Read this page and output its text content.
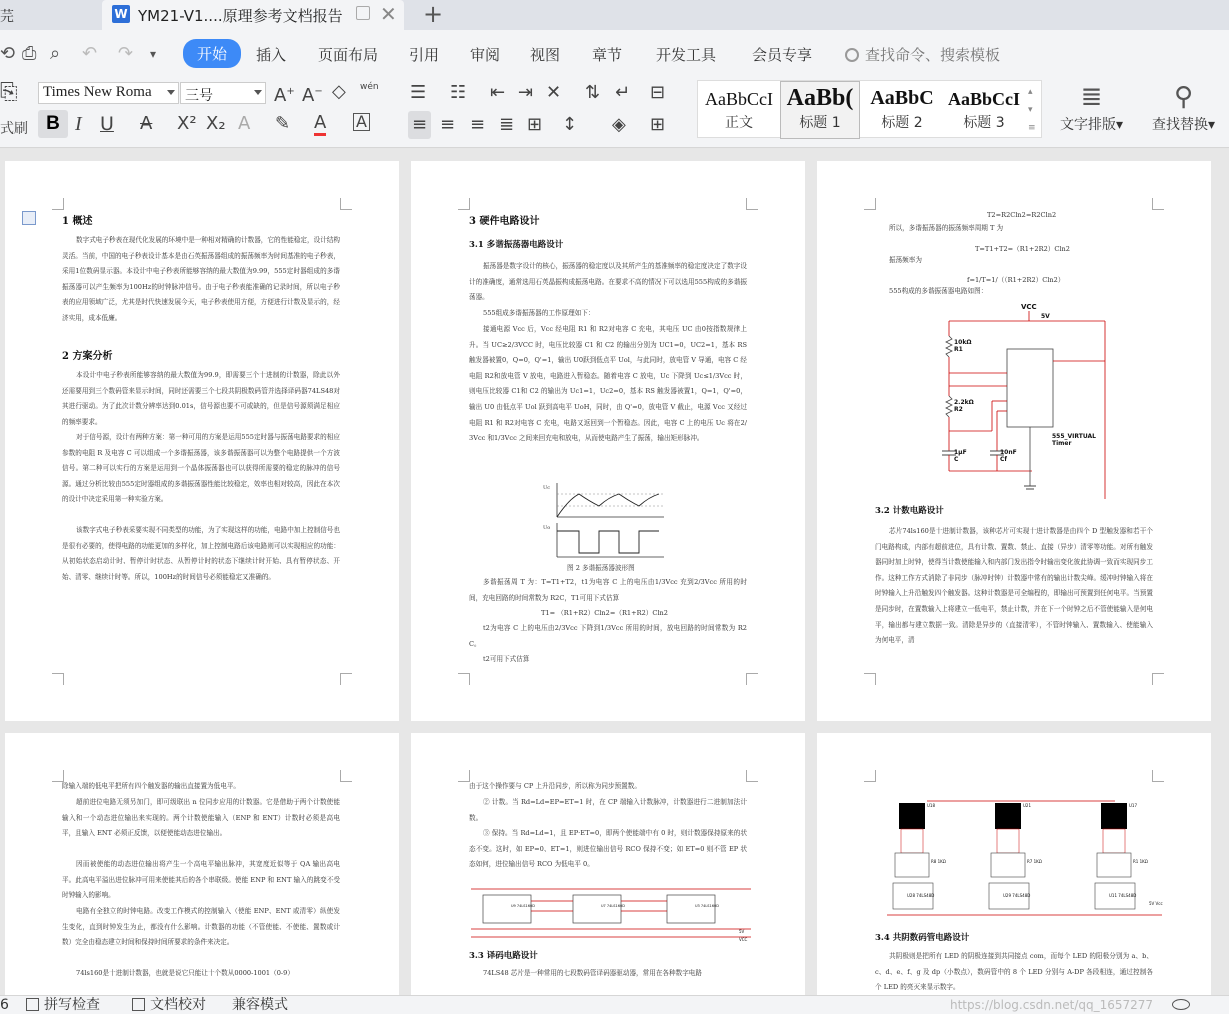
芫	W YM21-V1....原理参考文档报告 ✕ +
⟲ ⎙ ⌕ ↶ ↷ ▾	开始	插入 页面布局 引用 审阅 视图 章节 开发工具 会员专享	查找命令、搜索模板
⎘
式刷
Times New Roma	三号	A+ A− ◇ $^{wén}$
B I U A X² X₂ A ✎ A A
☰ ☷ ⇤ ⇥ ✕ ⇅ ↵ ⊟
≡ ≡ ≡ ≣ ⊞ ↕ ◈ ⊞
AaBbCcI
正文
AaBb(
标题 1
AaBbC
标题 2
AaBbCcI
标题 3
▴
▾
≡
≣
文字排版▾
⚲
查找替换▾
1 概述
数字式电子秒表在现代化发展的环境中是一种相对精确的计数器，它的性能稳定，设计结构灵活。当前，中国的电子秒表设计基本是由石英振荡器组成的振荡频率为时间基准的电子秒表，采用1位数码显示器。本设计中电子秒表所能够容纳的最大数值为9.99，555定时器组成的多谐振荡器可以产生频率为100Hz的时钟脉冲信号。由于电子秒表能准确的记录时间，所以电子秒表的应用领域广泛，尤其是时代快速发展今天，电子秒表使用方便，方便进行计数及显示的，经济实用，成本低廉。
2 方案分析
本设计中电子秒表所能够容纳的最大数值为99.9，即需要三个十进制的计数器，除此以外还需要用到三个数码管来显示时间，同时还需要三个七段共阴极数码管并选择译码器74LS48对其进行驱动。为了此次计数分辨率达到0.01s，信号源也要不可或缺的，但是信号源须满足相应的频率要求。
对于信号源，设计有两种方案：第一种可用的方案是运用555定时器与振荡电路要求的相应参数的电阻 R 及电容 C 可以组成一个多谐振荡器，该多谐振荡器可以为整个电路提供一个方波信号。第二种可以实行的方案是运用到一个晶体振荡器也可以获得所需要的稳定的脉冲的信号源。通过分析比较由555定时器组成的多谐振荡器性能比较稳定，效率也相对较高，因此在本次的设计中决定采用第一种实验方案。
该数字式电子秒表采要实现不同类型的功能，为了实现这样的功能，电路中加上控制信号也是很有必要的，使得电路的功能更加的多样化，加上控制电路后该电路则可以实现相应的功能：从初始状态启动计时、暂停计时状态、从暂停计时的状态下继续计时开始、具有暂停状态、开始、清零、继续计时等。所以，100Hz的时间信号必须能稳定又准确的。
3 硬件电路设计
3.1 多谐振荡器电路设计
振荡器是数字设计的核心，振荡器的稳定度以及其所产生的基准频率的稳定度决定了数字设计的准确度，通常选用石英晶振构成振荡电路。在要求不高的情况下可以选用555构成的多谐振荡器。
555组成多谐振荡器的工作原理如下：
接通电源 Vcc 后，Vcc 经电阻 R1 和 R2对电容 C 充电，其电压 UC 由0按指数规律上升。当 UC≥2/3VCC 时，电压比较器 C1 和 C2 的输出分别为 UC1=0，UC2=1，基本 RS 触发器被置0，Q=0，Q'=1，输出 U0跃到低点平 Uol，与此同时，放电管 V 导通，电容 C 经电阻 R2和放电管 V 放电，电路进入暂稳态。随着电容 C 放电，Uc 下降到 Uc≤1/3Vcc 时，则电压比较器 C1和 C2 的输出为 Uc1=1，Uc2=0，基本 RS 触发器被置1，Q=1，Q'=0，输出 U0 由低点平 Uol 跃到高电平 UoH，同时，由 Q'=0，放电管 V 截止，电源 Vcc 又经过电阻 R1 和 R2对电容 C 充电，电路又返回到一个暂稳态。因此，电容 C 上的电压 Uc 将在2/3Vcc 和1/3Vcc 之间来回充电和放电，从而使电路产生了振荡，输出矩形脉冲。
Uc
Uo
图 2 多谐振荡器波形图
多谐振荡周 T 为：T=T1+T2，t1为电容 C 上的电压由1/3Vcc 充到2/3Vcc 所用的时间，充电回路的时间常数为 R2C，T1可用下式估算
T1= （R1+R2）Cln2=（R1+R2）Cln2
t2为电容 C 上的电压由2/3Vcc 下降到1/3Vcc 所用的时间，放电回路的时间常数为 R2C。
t2可用下式估算
T2=R2Cln2=R2Cln2
所以，多谐振荡器的振荡频率周期 T 为
T=T1+T2=（R1+2R2）Cln2
振荡频率为
f=1/T=1/（（R1+2R2）Cln2）
555构成的多谐振荡器电路如图：
VCC
5V
10kΩ
R1
2.2kΩ
R2
1µF
C
10nF
Cf
555_VIRTUAL
Timer
3.2 计数电路设计
芯片74ls160是十进制计数器，该种芯片可实现十进计数器是由四个 D 型触发器和若干个门电路构成，内部有超前进位，具有计数、置数、禁止、直接（异步）清零等功能。对所有触发器同时加上时钟，使得当计数使能输入和内部门发出指令时输出变化彼此协调一致而实现同步工作。这种工作方式消除了非同步（脉冲时钟）计数器中常有的输出计数尖峰。缓冲时钟输入将在时钟输入上升沿触发四个触发器。这种计数器是可全编程的，即输出可预置到任何电平。当预置是同步时，在置数输入上将建立一低电平，禁止计数，并在下一个时钟之后不管使能输入是何电平，输出都与建立数据一致。清除是异步的（直接清零），不管时钟输入、置数输入、使能输入为何电平，清
除输入端的低电平把所有四个触发器的输出直接置为低电平。
超前进位电路无须另加门，即可级联出 n 位同步应用的计数器。它是借助于两个计数使能输入和一个动态进位输出来实现的。两个计数使能输入（ENP 和 ENT）计数时必须是高电平，且输入 ENT 必须正反馈，以便使能动态进位输出。
因而被使能的动态进位输出将产生一个高电平输出脉冲，其宽度近似等于 QA 输出高电平。此高电平溢出进位脉冲可用来使能其后的各个串联级。使能 ENP 和 ENT 输入的跳变不受时钟输入的影响。
电路有全独立的时钟电路。改变工作模式的控制输入（使能 ENP、ENT 或清零）纵使发生变化，直到时钟发生为止，都没有什么影响。计数器的功能（不管使能、不使能、置数或计数）完全由稳态建立时间和保持时间所要求的条件来决定。
74ls160是十进制计数器，也就是说它只能让十个数从0000-1001（0-9）
由于这个操作要与 CP 上升沿同步，所以称为同步预置数。
② 计数。当 Rd=Ld=EP=ET=1 时，在 CP 端输入计数脉冲，计数器进行二进制加法计数。
③ 保持。当 Rd=Ld=1，且 EP·ET=0，即两个使能端中有 0 时，则计数器保持原来的状态不变。这时，如 EP=0、ET=1，则进位输出信号 RCO 保持不变；如 ET=0 则不管 EP 状态如何，进位输出信号 RCO 为低电平 0。
U9 74LS160D	U7 74LS160D	U3 74LS160D
5V
VCC
3.3 译码电路设计
74LS48 芯片是一种常用的七段数码管译码器驱动器，常用在各种数字电路
U18	U21	U17
R8 1KΩ	R7 1KΩ	R1 1KΩ
U28 74LS48D	U29 74LS48D	U11 74LS48D
5V Vcc
3.4 共阴数码管电路设计
共阴极则是把所有 LED 的阴极连接到共同接点 com，而每个 LED 的阳极分别为 a、b、c、d、e、f、g 及 dp（小数点），数码管中的 8 个 LED 分别与 A-DP 各段相连，通过控制各个 LED 的亮灭来显示数字。
6	拼写检查	文档校对 兼容模式	https://blog.csdn.net/qq_1657277
